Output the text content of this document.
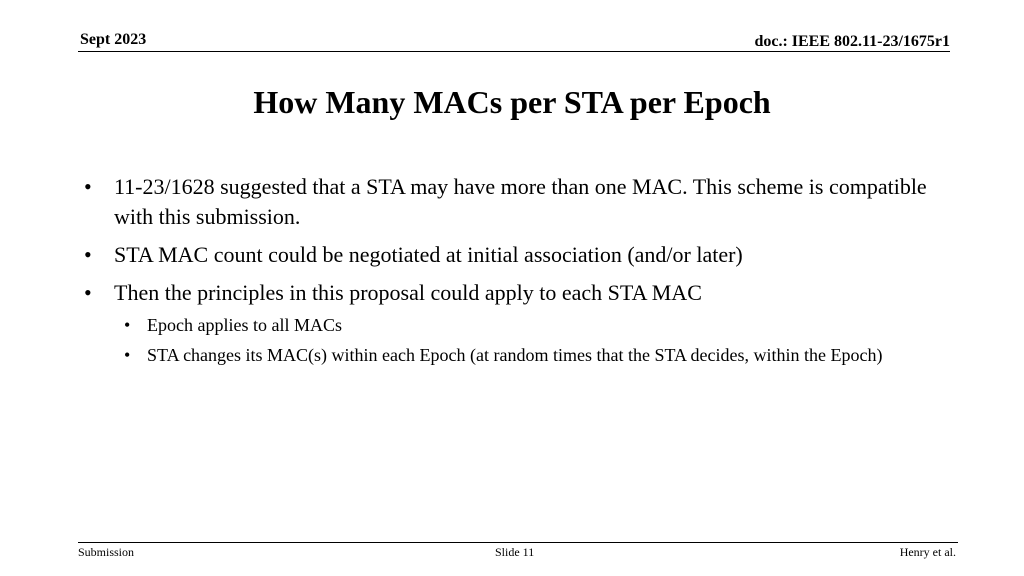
Sept 2023	doc.: IEEE 802.11-23/1675r1
How Many MACs per STA per Epoch
•	11-23/1628 suggested that a STA may have more than one MAC. This scheme is compatible with this submission.
•	STA MAC count could be negotiated at initial association (and/or later)
•	Then the principles in this proposal could apply to each STA MAC
• Epoch applies to all MACs
• STA changes its MAC(s) within each Epoch (at random times that the STA decides, within the Epoch)
Submission	Slide 11	Henry et al.
